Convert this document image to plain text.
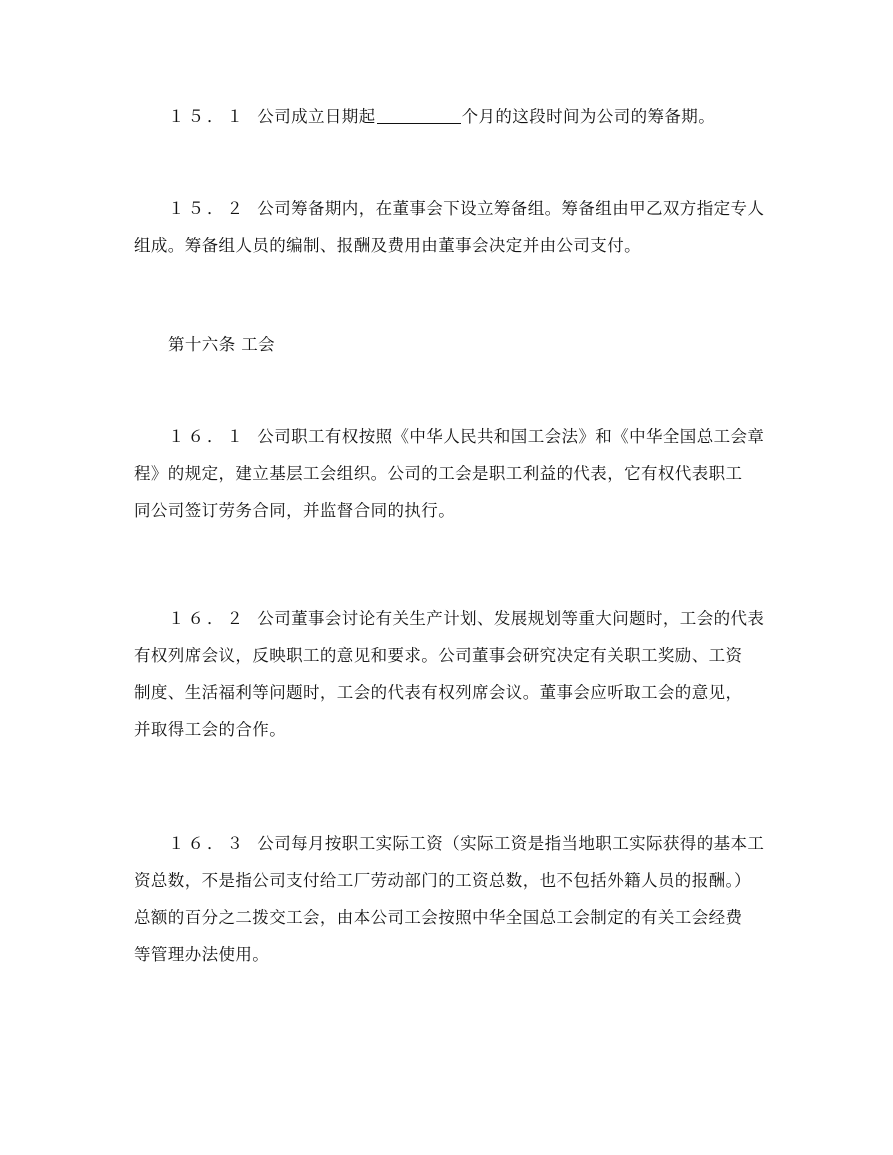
１５．１ 公司成立日期起	个月的这段时间为公司的筹备期。

１５．２ 公司筹备期内，在董事会下设立筹备组。筹备组由甲乙双方指定专人
组成。筹备组人员的编制、报酬及费用由董事会决定并由公司支付。

第十六条 工会

１６．１ 公司职工有权按照《中华人民共和国工会法》和《中华全国总工会章
程》的规定，建立基层工会组织。公司的工会是职工利益的代表，它有权代表职工
同公司签订劳务合同，并监督合同的执行。

１６．２ 公司董事会讨论有关生产计划、发展规划等重大问题时，工会的代表
有权列席会议，反映职工的意见和要求。公司董事会研究决定有关职工奖励、工资
制度、生活福利等问题时，工会的代表有权列席会议。董事会应听取工会的意见，
并取得工会的合作。

１６．３ 公司每月按职工实际工资（实际工资是指当地职工实际获得的基本工
资总数，不是指公司支付给工厂劳动部门的工资总数，也不包括外籍人员的报酬。）
总额的百分之二拨交工会，由本公司工会按照中华全国总工会制定的有关工会经费
等管理办法使用。
